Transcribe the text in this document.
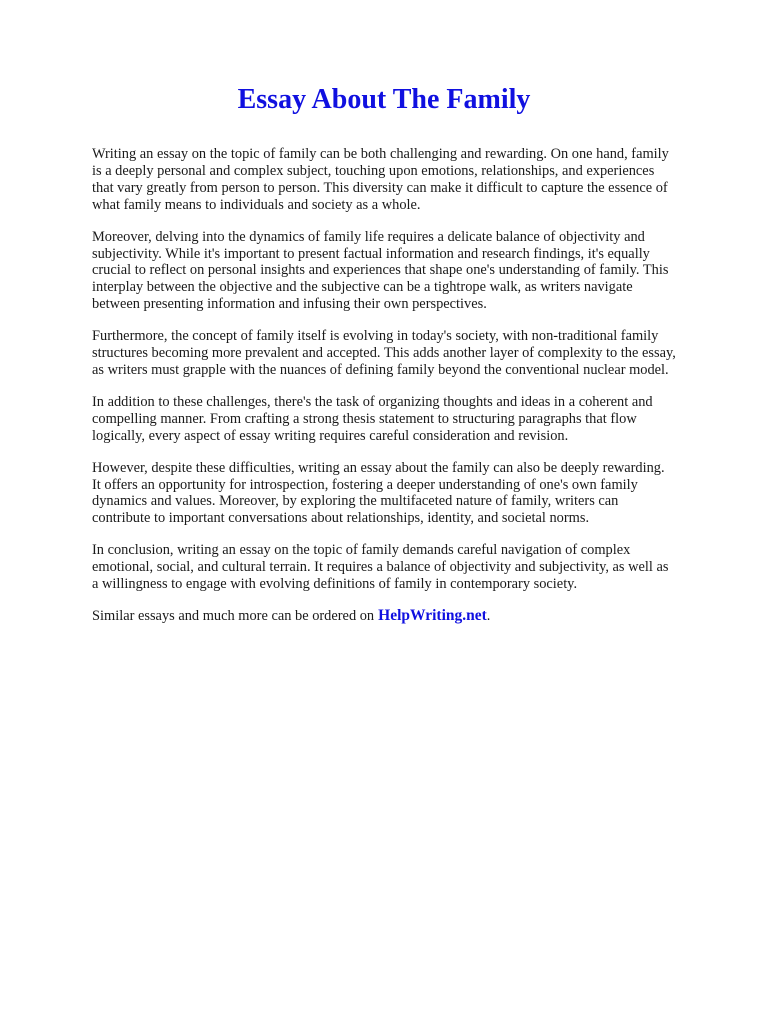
Essay About The Family

Writing an essay on the topic of family can be both challenging and rewarding. On one hand, family is a deeply personal and complex subject, touching upon emotions, relationships, and experiences that vary greatly from person to person. This diversity can make it difficult to capture the essence of what family means to individuals and society as a whole.

Moreover, delving into the dynamics of family life requires a delicate balance of objectivity and subjectivity. While it's important to present factual information and research findings, it's equally crucial to reflect on personal insights and experiences that shape one's understanding of family. This interplay between the objective and the subjective can be a tightrope walk, as writers navigate between presenting information and infusing their own perspectives.

Furthermore, the concept of family itself is evolving in today's society, with non-traditional family structures becoming more prevalent and accepted. This adds another layer of complexity to the essay, as writers must grapple with the nuances of defining family beyond the conventional nuclear model.

In addition to these challenges, there's the task of organizing thoughts and ideas in a coherent and compelling manner. From crafting a strong thesis statement to structuring paragraphs that flow logically, every aspect of essay writing requires careful consideration and revision.

However, despite these difficulties, writing an essay about the family can also be deeply rewarding. It offers an opportunity for introspection, fostering a deeper understanding of one's own family dynamics and values. Moreover, by exploring the multifaceted nature of family, writers can contribute to important conversations about relationships, identity, and societal norms.

In conclusion, writing an essay on the topic of family demands careful navigation of complex emotional, social, and cultural terrain. It requires a balance of objectivity and subjectivity, as well as a willingness to engage with evolving definitions of family in contemporary society.

Similar essays and much more can be ordered on HelpWriting.net.
